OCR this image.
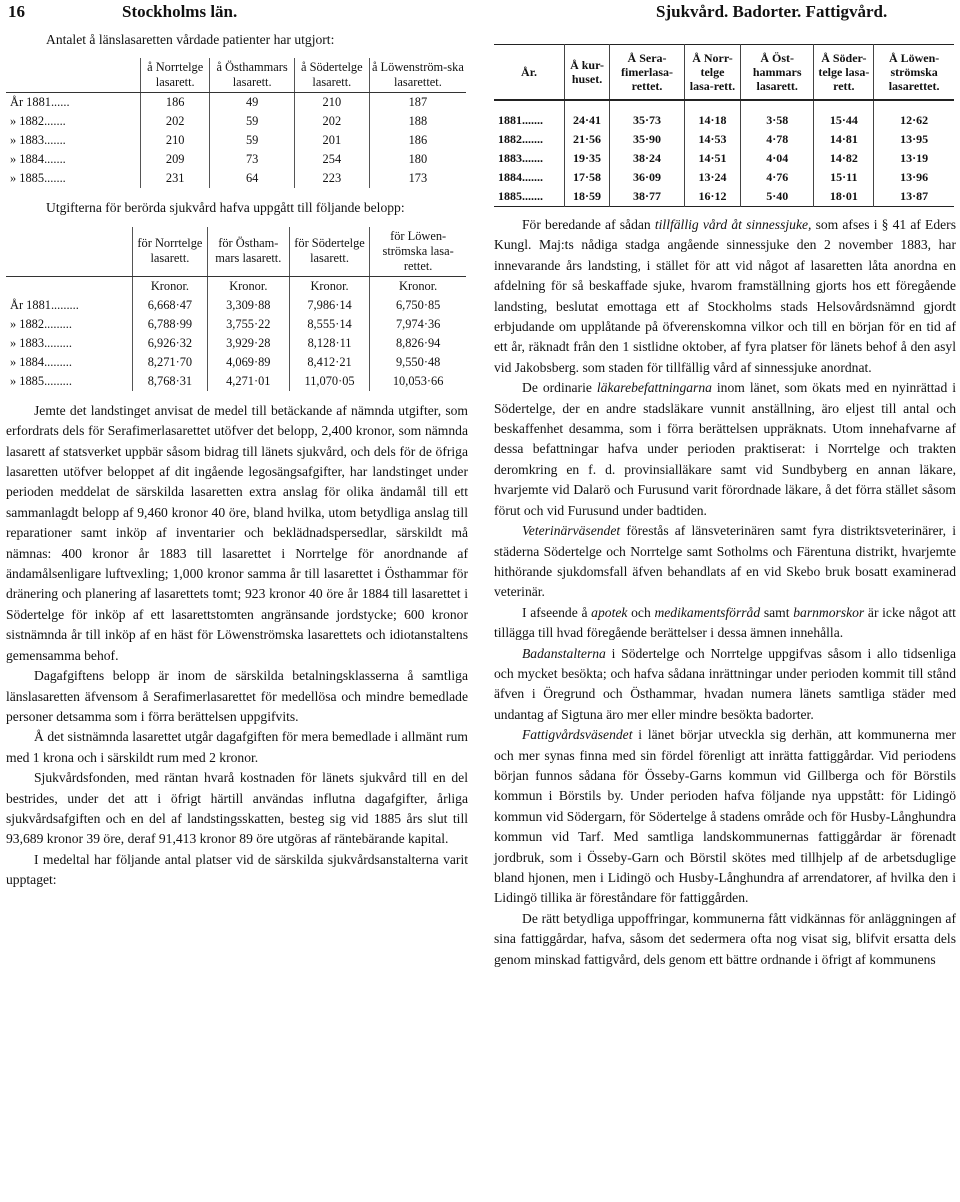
16	Stockholms län.	Sjukvård. Badorter. Fattigvård.

Antalet å länslasaretten vårdade patienter har utgjort:

	å Norrtelge lasarett.	å Östhammars lasarett.	å Södertelge lasarett.	å Löwenström-ska lasarettet.
År 1881......	186	49	210	187
» 1882.......	202	59	202	188
» 1883.......	210	59	201	186
» 1884.......	209	73	254	180
» 1885.......	231	64	223	173

Utgifterna för berörda sjukvård hafva uppgått till följande belopp:

	för Norrtelge lasarett.	för Östham-mars lasarett.	för Södertelge lasarett.	för Löwen-strömska lasa-rettet.
	Kronor.	Kronor.	Kronor.	Kronor.
År 1881.........	6,668·47	3,309·88	7,986·14	6,750·85
» 1882.........	6,788·99	3,755·22	8,555·14	7,974·36
» 1883.........	6,926·32	3,929·28	8,128·11	8,826·94
» 1884.........	8,271·70	4,069·89	8,412·21	9,550·48
» 1885.........	8,768·31	4,271·01	11,070·05	10,053·66

Jemte det landstinget anvisat de medel till betäckande af nämnda utgifter, som erfordrats dels för Serafimerlasarettet utöfver det belopp, 2,400 kronor, som nämnda lasarett af statsverket uppbär såsom bidrag till länets sjukvård, och dels för de öfriga lasaretten utöfver beloppet af dit ingående legosängsafgifter, har landstinget under perioden meddelat de särskilda lasaretten extra anslag för olika ändamål till ett sammanlagdt belopp af 9,460 kronor 40 öre, bland hvilka, utom betydliga anslag till reparationer samt inköp af inventarier och beklädnadspersedlar, särskildt må nämnas: 400 kronor år 1883 till lasarettet i Norrtelge för anordnande af ändamålsenligare luftvexling; 1,000 kronor samma år till lasarettet i Östhammar för dränering och planering af lasarettets tomt; 923 kronor 40 öre år 1884 till lasarettet i Södertelge för inköp af ett lasarettstomten angränsande jordstycke; 600 kronor sistnämnda år till inköp af en häst för Löwenströmska lasarettets och idiotanstaltens gemensamma behof.

Dagafgiftens belopp är inom de särskilda betalningsklasserna å samtliga länslasaretten äfvensom å Serafimerlasarettet för medellösa och mindre bemedlade personer detsamma som i förra berättelsen uppgifvits.

Å det sistnämnda lasarettet utgår dagafgiften för mera bemedlade i allmänt rum med 1 krona och i särskildt rum med 2 kronor.

Sjukvårdsfonden, med räntan hvarå kostnaden för länets sjukvård till en del bestrides, under det att i öfrigt härtill användas influtna dagafgifter, årliga sjukvårdsafgiften och en del af landstingsskatten, besteg sig vid 1885 års slut till 93,689 kronor 39 öre, deraf 91,413 kronor 89 öre utgöras af räntebärande kapital.

I medeltal har följande antal platser vid de särskilda sjukvårdsanstalterna varit upptaget:

År.	Å kur-huset.	Å Sera-fimerlasa-rettet.	Å Norr-telge lasa-rett.	Å Öst-hammars lasarett.	Å Söder-telge lasa-rett.	Å Löwen-strömska lasarettet.

1881.......	24·41	35·73	14·18	3·58	15·44	12·62
1882.......	21·56	35·90	14·53	4·78	14·81	13·95
1883.......	19·35	38·24	14·51	4·04	14·82	13·19
1884.......	17·58	36·09	13·24	4·76	15·11	13·96
1885.......	18·59	38·77	16·12	5·40	18·01	13·87

För beredande af sådan tillfällig vård åt sinnessjuke, som afses i § 41 af Eders Kungl. Maj:ts nådiga stadga angående sinnessjuke den 2 november 1883, har innevarande års landsting, i stället för att vid något af lasaretten låta anordna en afdelning för så beskaffade sjuke, hvarom framställning gjorts hos ett föregående landsting, beslutat emottaga ett af Stockholms stads Helsovårdsnämnd gjordt erbjudande om upplåtande på öfverenskomna vilkor och till en början för en tid af ett år, räknadt från den 1 sistlidne oktober, af fyra platser för länets behof å den asyl vid Jakobsberg. som staden för tillfällig vård af sinnessjuke anordnat.

De ordinarie läkarebefattningarna inom länet, som ökats med en nyinrättad i Södertelge, der en andre stadsläkare vunnit anställning, äro eljest till antal och beskaffenhet desamma, som i förra berättelsen uppräknats. Utom innehafvarne af dessa befattningar hafva under perioden praktiserat: i Norrtelge och trakten deromkring en f. d. provinsialläkare samt vid Sundbyberg en annan läkare, hvarjemte vid Dalarö och Furusund varit förordnade läkare, å det förra stället såsom förut och vid Furusund under badtiden.

Veterinärväsendet förestås af länsveterinären samt fyra distriktsveterinärer, i städerna Södertelge och Norrtelge samt Sotholms och Färentuna distrikt, hvarjemte hithörande sjukdomsfall äfven behandlats af en vid Skebo bruk bosatt examinerad veterinär.

I afseende å apotek och medikamentsförråd samt barnmorskor är icke något att tillägga till hvad föregående berättelser i dessa ämnen innehålla.

Badanstalterna i Södertelge och Norrtelge uppgifvas såsom i allo tidsenliga och mycket besökta; och hafva sådana inrättningar under perioden kommit till stånd äfven i Öregrund och Östhammar, hvadan numera länets samtliga städer med undantag af Sigtuna äro mer eller mindre besökta badorter.

Fattigvårdsväsendet i länet börjar utveckla sig derhän, att kommunerna mer och mer synas finna med sin fördel förenligt att inrätta fattiggårdar. Vid periodens början funnos sådana för Össeby-Garns kommun vid Gillberga och för Börstils kommun i Börstils by. Under perioden hafva följande nya uppstått: för Lidingö kommun vid Södergarn, för Södertelge å stadens område och för Husby-Långhundra kommun vid Tarf. Med samtliga landskommunernas fattiggårdar är förenadt jordbruk, som i Össeby-Garn och Börstil skötes med tillhjelp af de arbetsduglige bland hjonen, men i Lidingö och Husby-Långhundra af arrendatorer, af hvilka den i Lidingö tillika är föreståndare för fattiggården.

De rätt betydliga uppoffringar, kommunerna fått vidkännas för anläggningen af sina fattiggårdar, hafva, såsom det sedermera ofta nog visat sig, blifvit ersatta dels genom minskad fattigvård, dels genom ett bättre ordnande i öfrigt af kommunens
